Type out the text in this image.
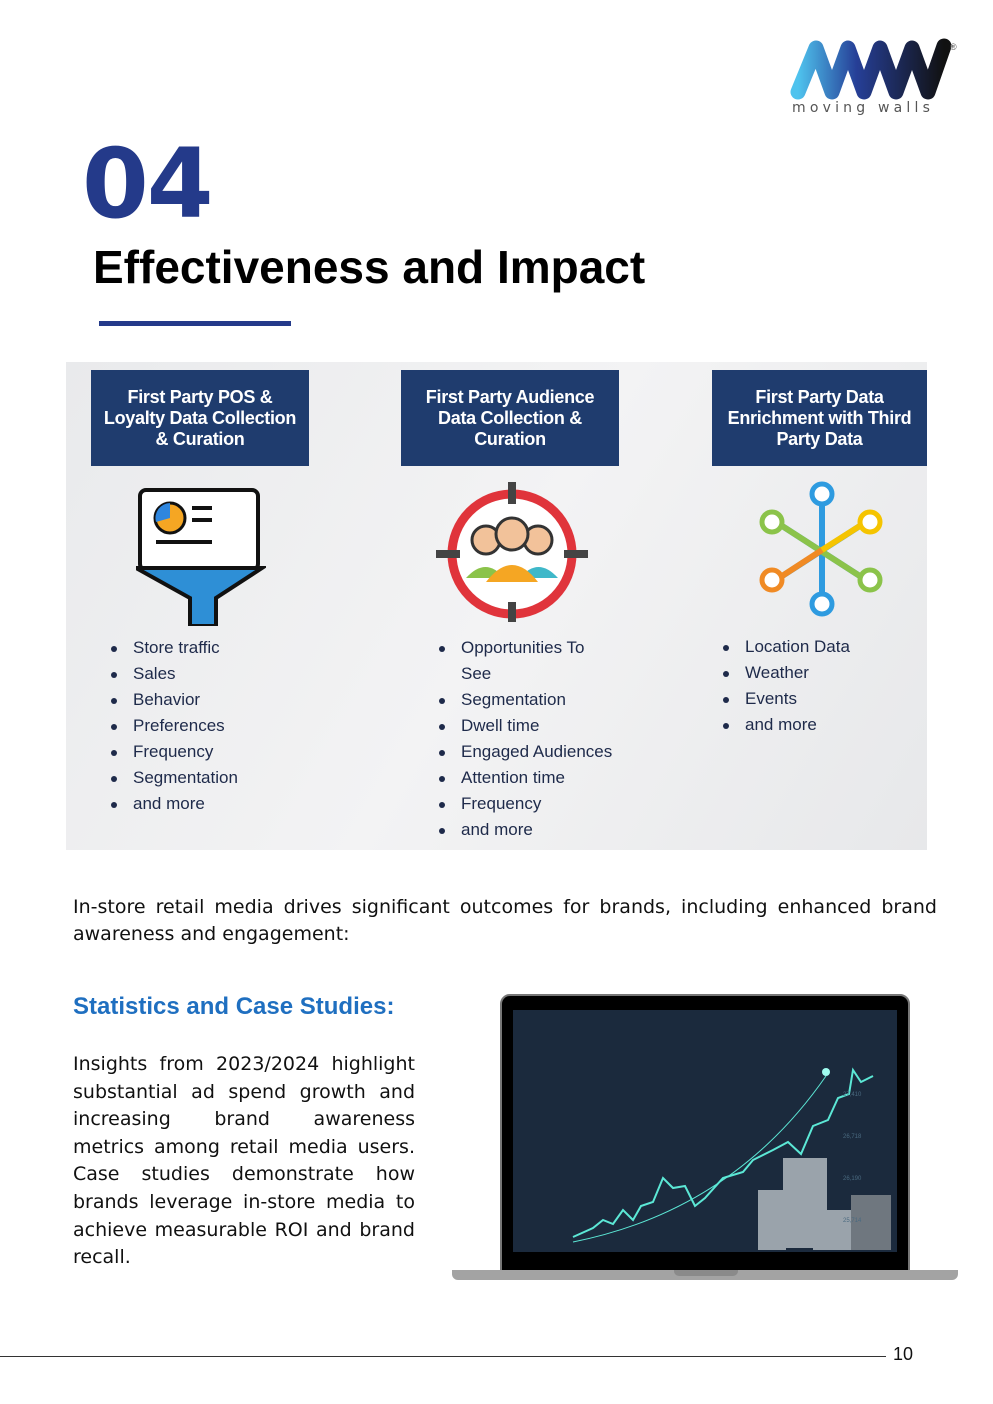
®
moving walls
04
Effectiveness and Impact
First Party POS & Loyalty Data Collection & Curation
First Party Audience Data Collection & Curation
First Party Data Enrichment with Third Party Data
Store traffic
Sales
Behavior
Preferences
Frequency
Segmentation
and more
Opportunities To See
Segmentation
Dwell time
Engaged Audiences
Attention time
Frequency
and more
Location Data
Weather
Events
and more

In-store retail media drives significant outcomes for brands, including enhanced brand awareness and engagement:

Statistics and Case Studies:

Insights from 2023/2024 highlight substantial ad spend growth and increasing brand awareness metrics among retail media users. Case studies demonstrate how brands leverage in-store media to achieve measurable ROI and brand recall.

27,410
26,718
26,190
25,714
10
